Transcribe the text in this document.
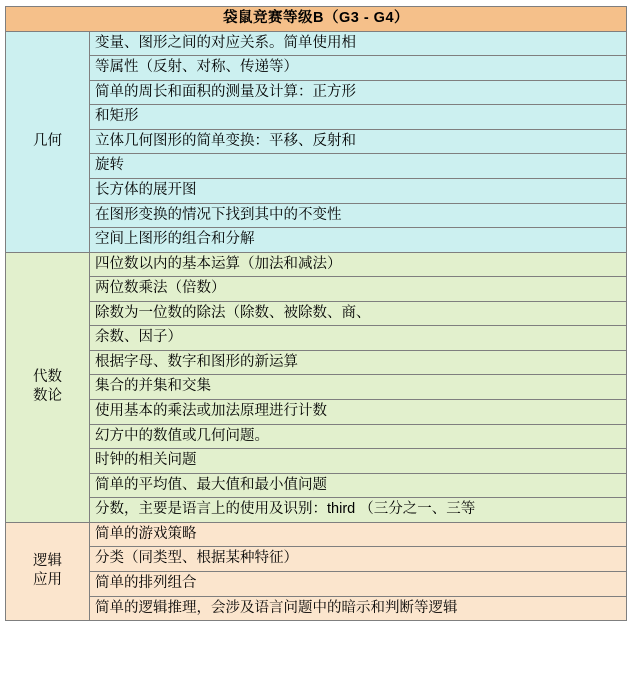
袋鼠竞赛等级B（G3 - G4）	

几何	变量、图形之间的对应关系。简单使用相
	等属性（反射、对称、传递等）
	简单的周长和面积的测量及计算：正方形
	和矩形
	立体几何图形的简单变换：平移、反射和
	旋转
	长方体的展开图
	在图形变换的情况下找到其中的不变性
	空间上图形的组合和分解

代数
数论	四位数以内的基本运算（加法和减法）
	两位数乘法（倍数）
	除数为一位数的除法（除数、被除数、商、
	余数、因子）
	根据字母、数字和图形的新运算
	集合的并集和交集
	使用基本的乘法或加法原理进行计数
	幻方中的数值或几何问题。
	时钟的相关问题
	简单的平均值、最大值和最小值问题
	分数，主要是语言上的使用及识别：third （三分之一、三等

逻辑
应用	简单的游戏策略
	分类（同类型、根据某种特征）
	简单的排列组合
	简单的逻辑推理，会涉及语言问题中的暗示和判断等逻辑
